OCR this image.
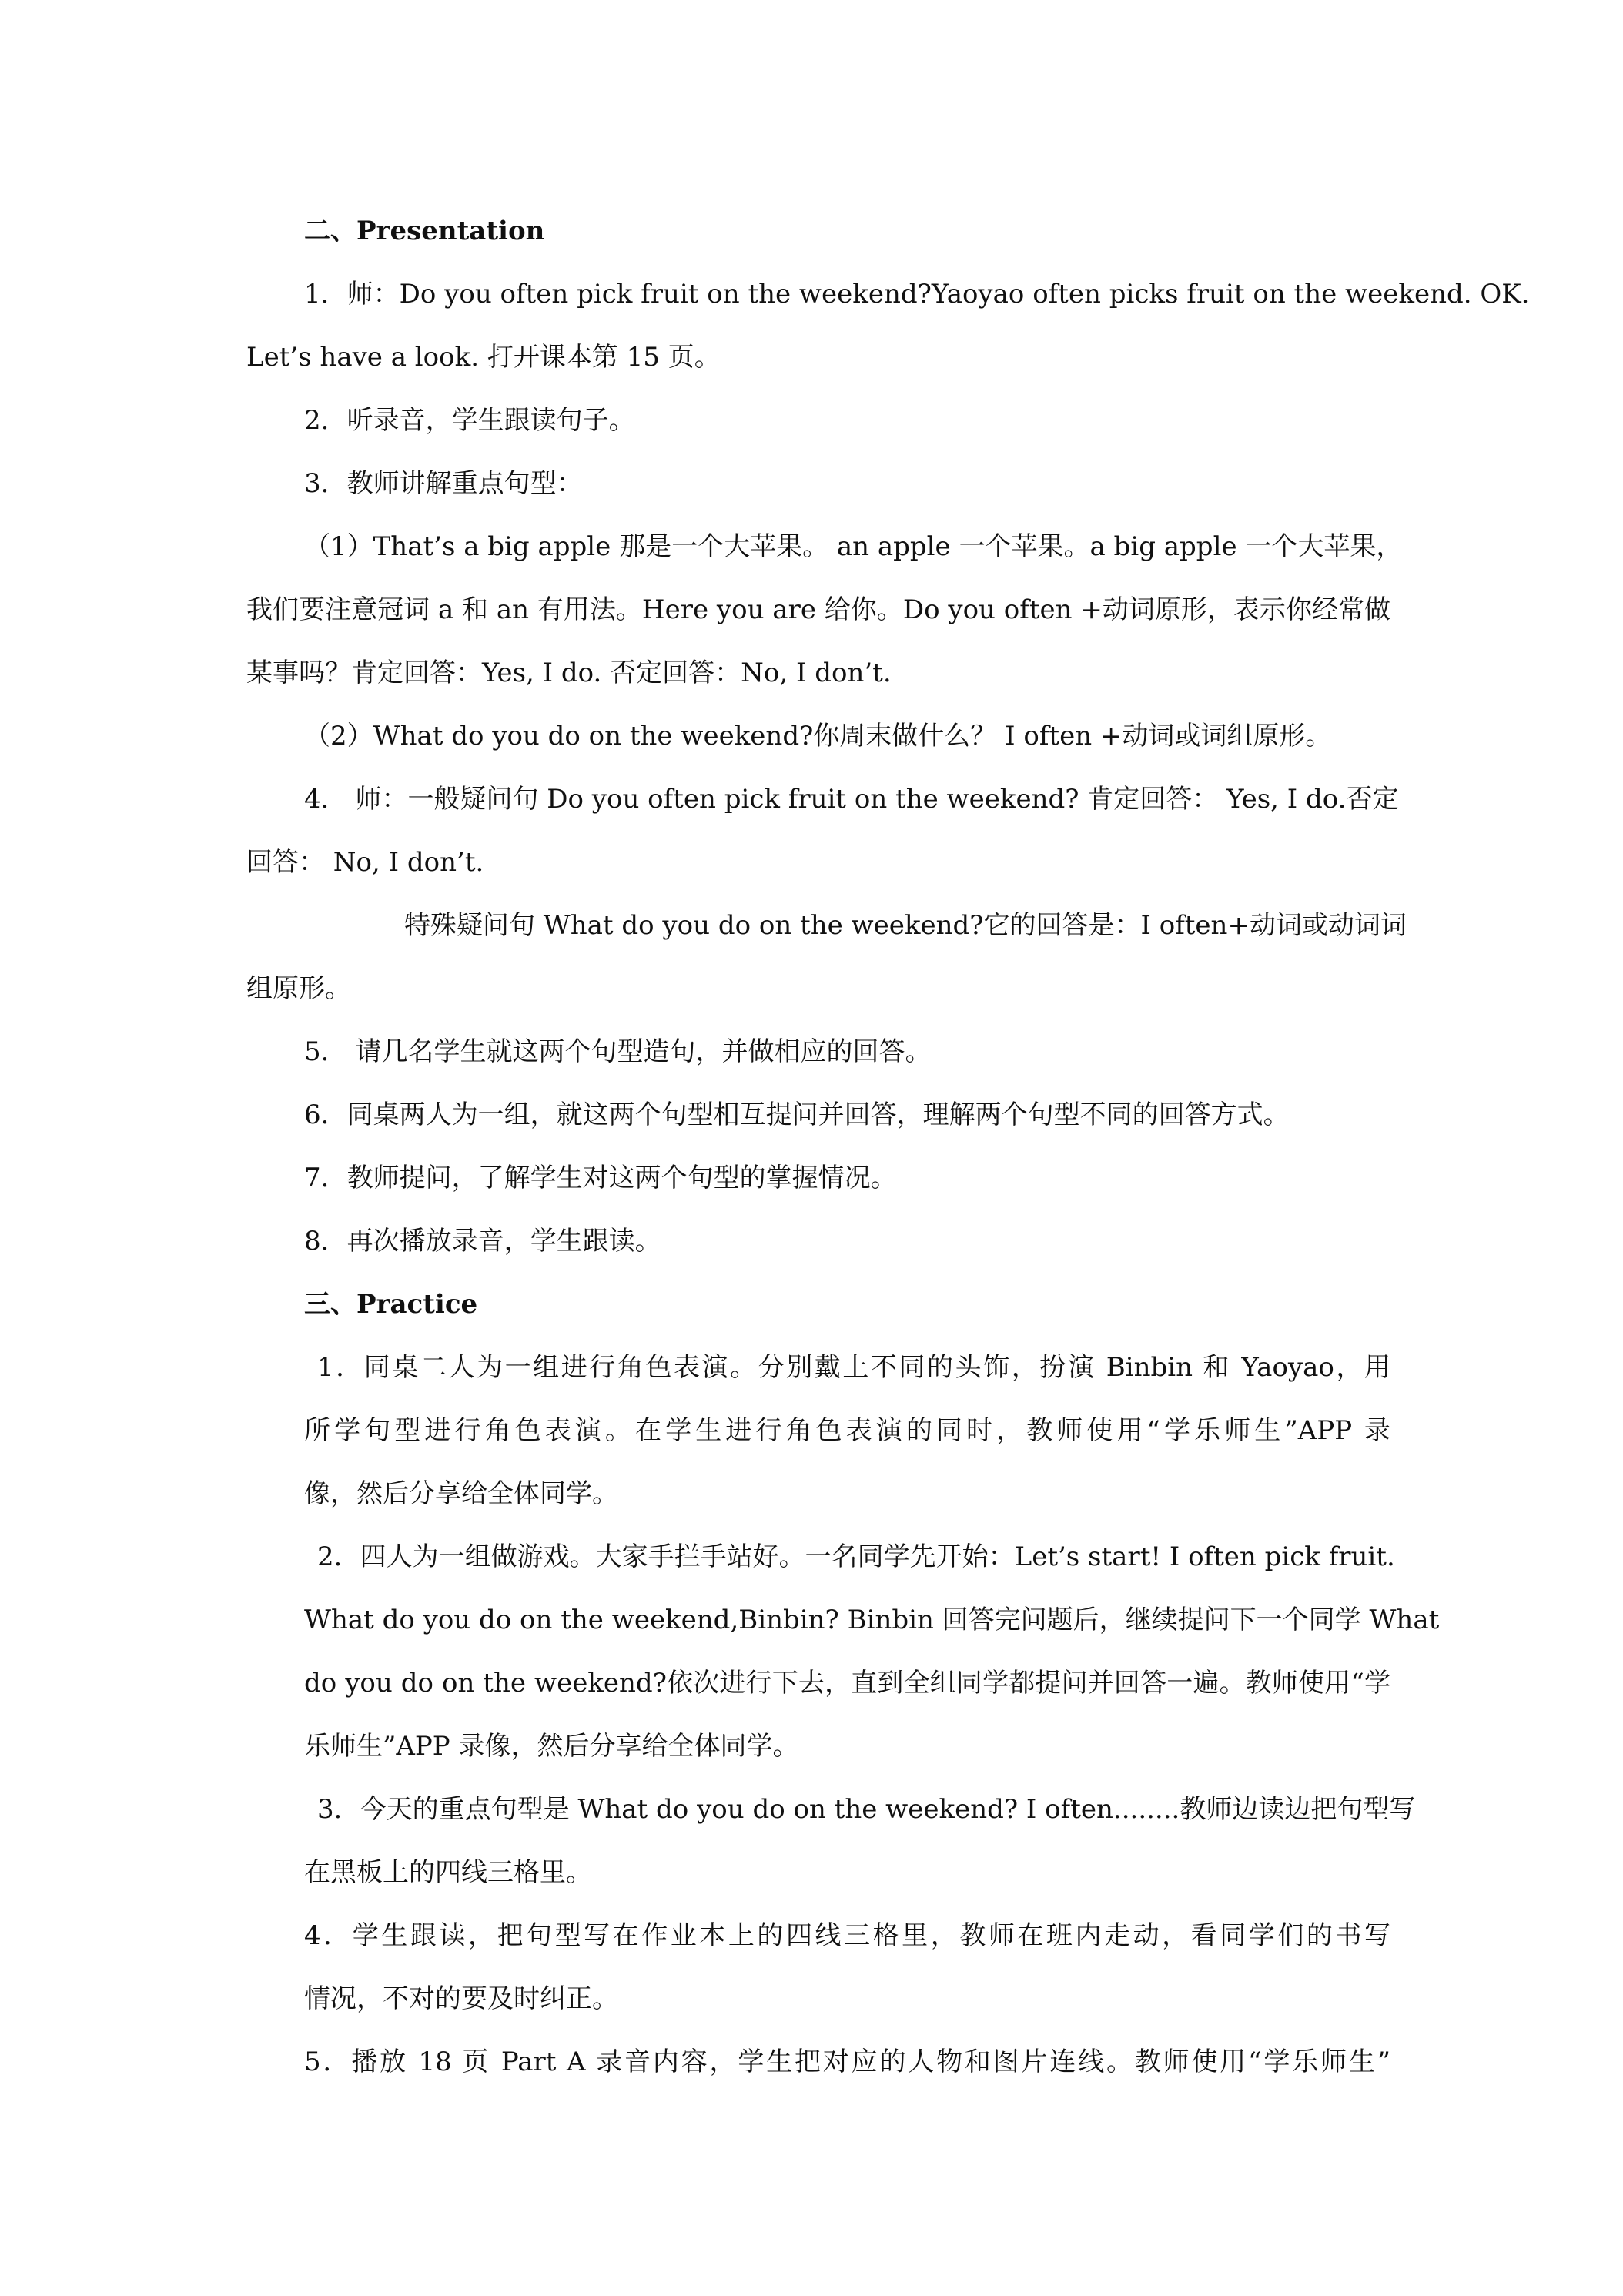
二、Presentation

1．师：Do you often pick fruit on the weekend?Yaoyao often picks fruit on the weekend. OK.

Let’s have a look. 打开课本第 15 页。

2．听录音，学生跟读句子。

3．教师讲解重点句型：

（1）That’s a big apple 那是一个大苹果。 an apple 一个苹果。a big apple 一个大苹果，

我们要注意冠词 a 和 an 有用法。Here you are 给你。Do you often +动词原形，表示你经常做

某事吗？肯定回答：Yes, I do. 否定回答：No, I don’t.

（2）What do you do on the weekend?你周末做什么？ I often +动词或词组原形。

4． 师：一般疑问句 Do you often pick fruit on the weekend? 肯定回答： Yes, I do.否定

回答： No, I don’t.

特殊疑问句 What do you do on the weekend?它的回答是：I often+动词或动词词

组原形。

5． 请几名学生就这两个句型造句，并做相应的回答。

6．同桌两人为一组，就这两个句型相互提问并回答，理解两个句型不同的回答方式。

7．教师提问，了解学生对这两个句型的掌握情况。

8．再次播放录音，学生跟读。

三、Practice

1．同桌二人为一组进行角色表演。分别戴上不同的头饰，扮演 Binbin 和 Yaoyao，用

所学句型进行角色表演。在学生进行角色表演的同时，教师使用“学乐师生”APP 录

像，然后分享给全体同学。

2．四人为一组做游戏。大家手拦手站好。一名同学先开始：Let’s start! I often pick fruit.

What do you do on the weekend,Binbin? Binbin 回答完问题后，继续提问下一个同学 What

do you do on the weekend?依次进行下去，直到全组同学都提问并回答一遍。教师使用“学

乐师生”APP 录像，然后分享给全体同学。

3．今天的重点句型是 What do you do on the weekend? I often........教师边读边把句型写

在黑板上的四线三格里。

4．学生跟读，把句型写在作业本上的四线三格里，教师在班内走动，看同学们的书写

情况，不对的要及时纠正。

5．播放 18 页 Part A 录音内容，学生把对应的人物和图片连线。教师使用“学乐师生”
